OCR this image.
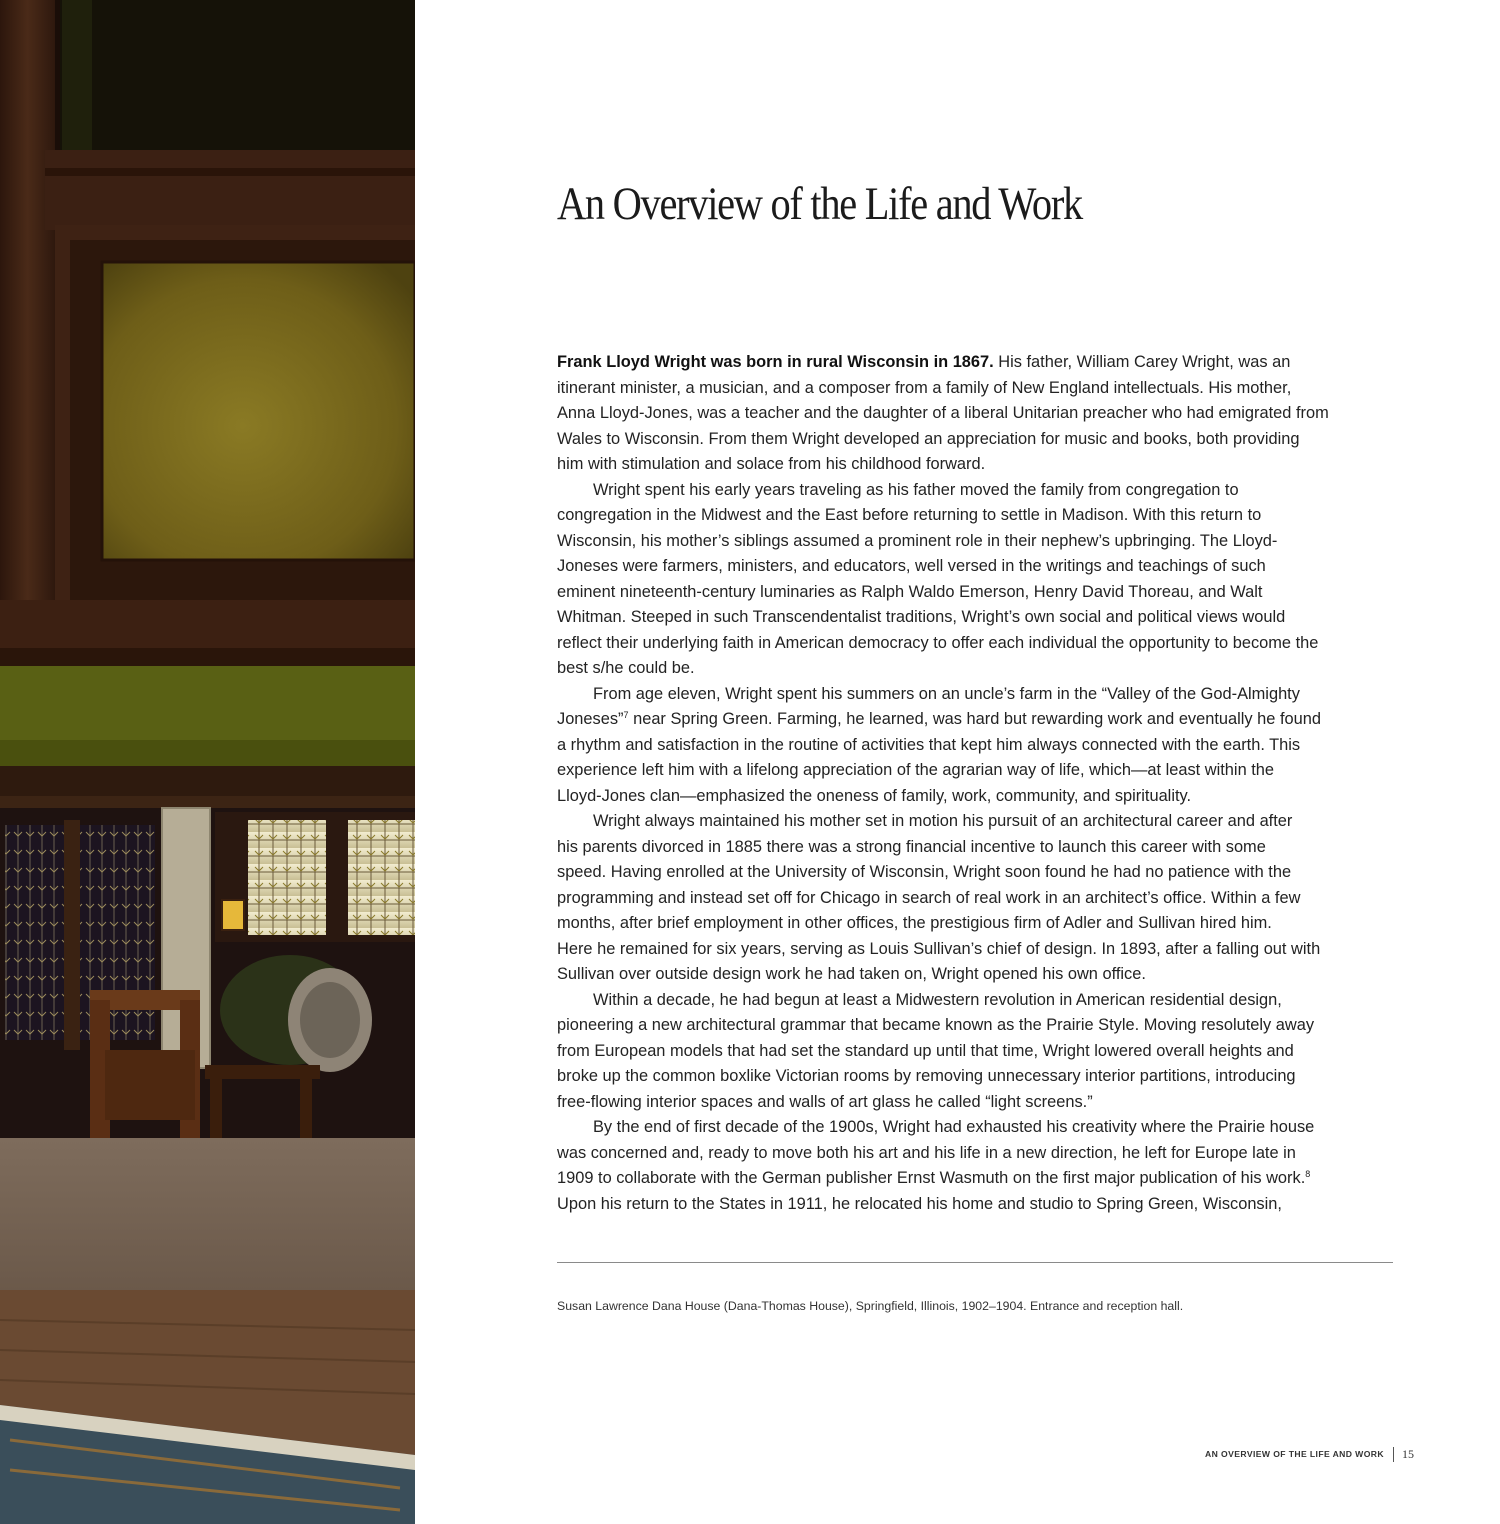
An Overview of the Life and Work

Frank Lloyd Wright was born in rural Wisconsin in 1867. His father, William Carey Wright, was an
itinerant minister, a musician, and a composer from a family of New England intellectuals. His mother,
Anna Lloyd-Jones, was a teacher and the daughter of a liberal Unitarian preacher who had emigrated from
Wales to Wisconsin. From them Wright developed an appreciation for music and books, both providing
him with stimulation and solace from his childhood forward.

Wright spent his early years traveling as his father moved the family from congregation to
congregation in the Midwest and the East before returning to settle in Madison. With this return to
Wisconsin, his mother’s siblings assumed a prominent role in their nephew’s upbringing. The Lloyd-
Joneses were farmers, ministers, and educators, well versed in the writings and teachings of such
eminent nineteenth-century luminaries as Ralph Waldo Emerson, Henry David Thoreau, and Walt
Whitman. Steeped in such Transcendentalist traditions, Wright’s own social and political views would
reflect their underlying faith in American democracy to offer each individual the opportunity to become the
best s/he could be.

From age eleven, Wright spent his summers on an uncle’s farm in the “Valley of the God-Almighty
Joneses”$^7$ near Spring Green. Farming, he learned, was hard but rewarding work and eventually he found
a rhythm and satisfaction in the routine of activities that kept him always connected with the earth. This
experience left him with a lifelong appreciation of the agrarian way of life, which—at least within the
Lloyd-Jones clan—emphasized the oneness of family, work, community, and spirituality.

Wright always maintained his mother set in motion his pursuit of an architectural career and after
his parents divorced in 1885 there was a strong financial incentive to launch this career with some
speed. Having enrolled at the University of Wisconsin, Wright soon found he had no patience with the
programming and instead set off for Chicago in search of real work in an architect’s office. Within a few
months, after brief employment in other offices, the prestigious firm of Adler and Sullivan hired him.
Here he remained for six years, serving as Louis Sullivan’s chief of design. In 1893, after a falling out with
Sullivan over outside design work he had taken on, Wright opened his own office.

Within a decade, he had begun at least a Midwestern revolution in American residential design,
pioneering a new architectural grammar that became known as the Prairie Style. Moving resolutely away
from European models that had set the standard up until that time, Wright lowered overall heights and
broke up the common boxlike Victorian rooms by removing unnecessary interior partitions, introducing
free-flowing interior spaces and walls of art glass he called “light screens.”

By the end of first decade of the 1900s, Wright had exhausted his creativity where the Prairie house
was concerned and, ready to move both his art and his life in a new direction, he left for Europe late in
1909 to collaborate with the German publisher Ernst Wasmuth on the first major publication of his work.$^8$
Upon his return to the States in 1911, he relocated his home and studio to Spring Green, Wisconsin,

Susan Lawrence Dana House (Dana-Thomas House), Springfield, Illinois, 1902–1904. Entrance and reception hall.
AN OVERVIEW OF THE LIFE AND WORK 15
